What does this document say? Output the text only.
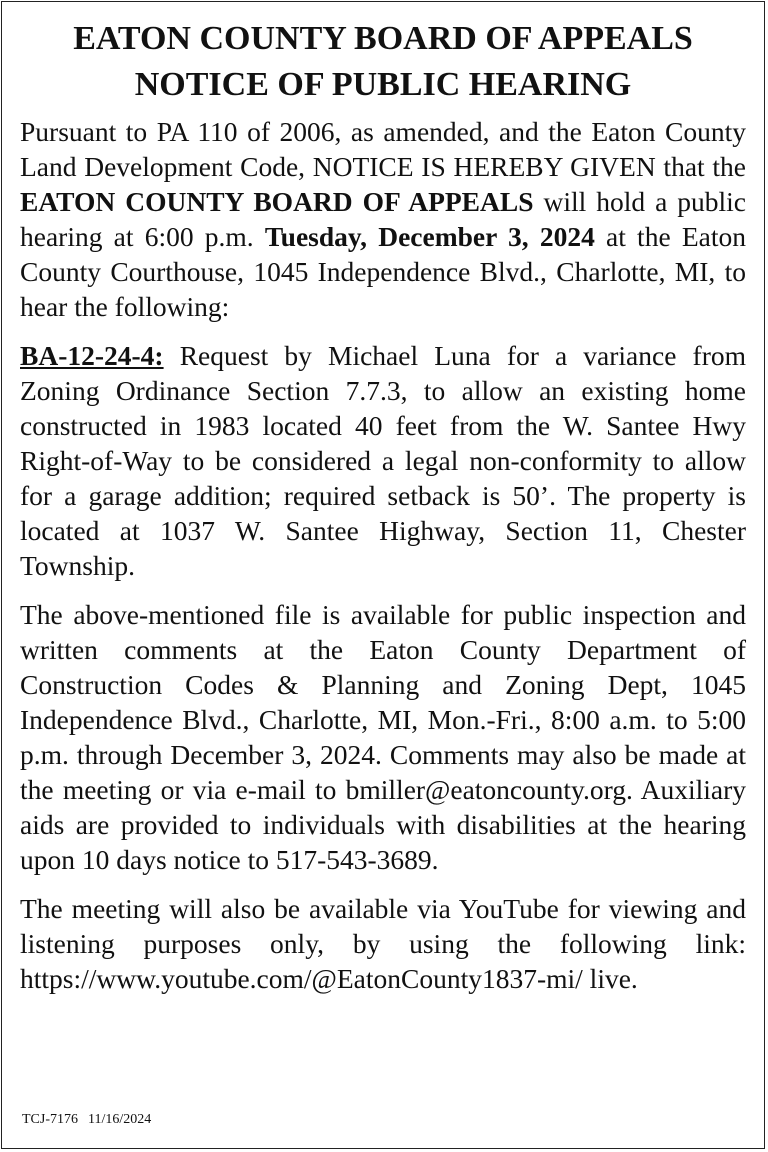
EATON COUNTY BOARD OF APPEALS
NOTICE OF PUBLIC HEARING

Pursuant to PA 110 of 2006, as amended, and the Eaton County Land Development Code, NOTICE IS HEREBY GIVEN that the EATON COUNTY BOARD OF APPEALS will hold a public hearing at 6:00 p.m. Tuesday, December 3, 2024 at the Eaton County Courthouse, 1045 Independence Blvd., Charlotte, MI, to hear the following:

BA-12-24-4: Request by Michael Luna for a variance from Zoning Ordinance Section 7.7.3, to allow an existing home constructed in 1983 located 40 feet from the W. Santee Hwy Right-of-Way to be considered a legal non-conformity to allow for a garage addition; required setback is 50’. The property is located at 1037 W. Santee Highway, Section 11, Chester Township.

The above-mentioned file is available for public inspection and written comments at the Eaton County Department of Construction Codes & Planning and Zoning Dept, 1045 Independence Blvd., Charlotte, MI, Mon.-Fri., 8:00 a.m. to 5:00 p.m. through December 3, 2024. Comments may also be made at the meeting or via e-mail to bmiller@eatoncounty.org. Auxiliary aids are provided to individuals with disabilities at the hearing upon 10 days notice to 517-543-3689.

The meeting will also be available via YouTube for viewing and listening purposes only, by using the following link: https://www.youtube.com/@EatonCounty1837-mi/ live.

TCJ-7176 11/16/2024
